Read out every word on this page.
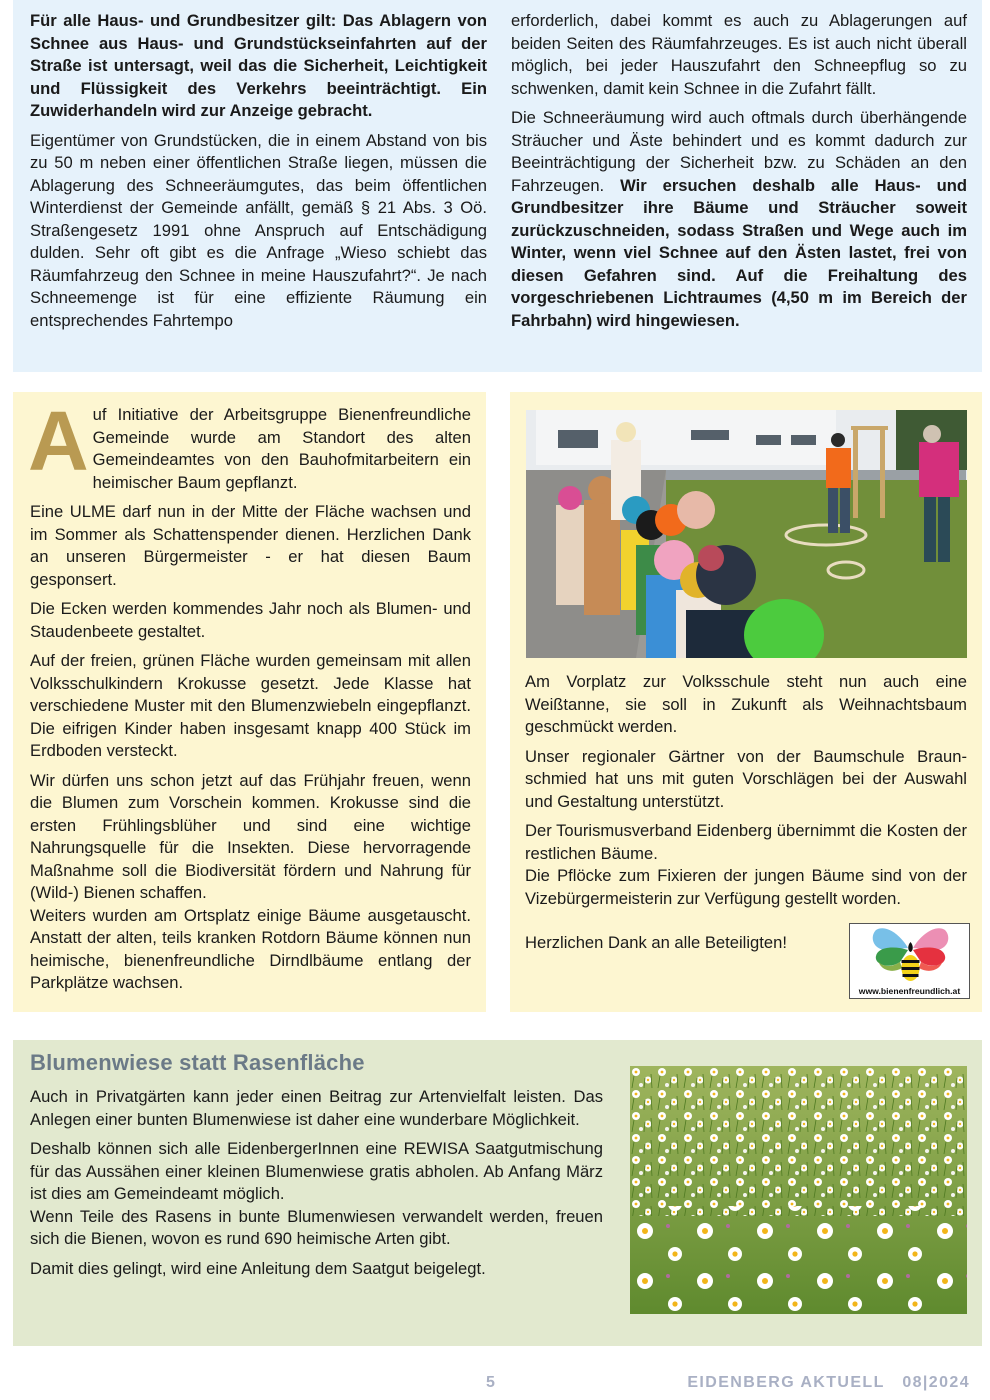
Für alle Haus- und Grundbesitzer gilt: Das Ablagern von Schnee aus Haus- und Grundstückseinfahrten auf der Straße ist untersagt, weil das die Sicherheit, Leichtigkeit und Flüssigkeit des Verkehrs beeinträchtigt. Ein Zuwiderhandeln wird zur Anzeige gebracht.

Eigentümer von Grundstücken, die in einem Abstand von bis zu 50 m neben einer öffentlichen Straße liegen, müssen die Ablagerung des Schneeräumgutes, das beim öffentlichen Winterdienst der Gemeinde anfällt, gemäß § 21 Abs. 3 Oö. Straßengesetz 1991 ohne Anspruch auf Entschädigung dulden. Sehr oft gibt es die Anfrage „Wieso schiebt das Räumfahrzeug den Schnee in meine Hauszufahrt?“. Je nach Schneemenge ist für eine effiziente Räumung ein entsprechendes Fahrtempo

erforderlich, dabei kommt es auch zu Ablagerungen auf beiden Seiten des Räumfahrzeuges. Es ist auch nicht überall möglich, bei jeder Hauszufahrt den Schneepflug so zu schwenken, damit kein Schnee in die Zufahrt fällt.

Die Schneeräumung wird auch oftmals durch überhängende Sträucher und Äste behindert und es kommt dadurch zur Beeinträchtigung der Sicherheit bzw. zu Schäden an den Fahrzeugen. Wir ersuchen deshalb alle Haus- und Grundbesitzer ihre Bäume und Sträucher soweit zurückzuschneiden, sodass Straßen und Wege auch im Winter, wenn viel Schnee auf den Ästen lastet, frei von diesen Gefahren sind. Auf die Freihaltung des vorgeschriebenen Lichtraumes (4,50 m im Bereich der Fahrbahn) wird hingewiesen.

Auf Initiative der Arbeitsgruppe Bienenfreundliche Gemeinde wurde am Standort des alten Gemeindeamtes von den Bauhofmitarbeitern ein heimischer Baum gepflanzt.

Eine ULME darf nun in der Mitte der Fläche wachsen und im Sommer als Schattenspender dienen. Herzlichen Dank an unseren Bürgermeister - er hat diesen Baum gesponsert.

Die Ecken werden kommendes Jahr noch als Blumen- und Staudenbeete gestaltet.

Auf der freien, grünen Fläche wurden gemeinsam mit allen Volksschulkindern Krokusse gesetzt. Jede Klasse hat verschiedene Muster mit den Blumenzwiebeln eingepflanzt. Die eifrigen Kinder haben insgesamt knapp 400 Stück im Erdboden versteckt.

Wir dürfen uns schon jetzt auf das Frühjahr freuen, wenn die Blumen zum Vorschein kommen. Krokusse sind die ersten Frühlingsblüher und sind eine wichtige Nahrungsquelle für die Insekten. Diese hervorragende Maßnahme soll die Biodiversität fördern und Nahrung für (Wild-) Bienen schaffen.

Weiters wurden am Ortsplatz einige Bäume ausgetauscht. Anstatt der alten, teils kranken Rotdorn Bäume können nun heimische, bienenfreundliche Dirndlbäume entlang der Parkplätze wachsen.

Am Vorplatz zur Volksschule steht nun auch eine Weißtanne, sie soll in Zukunft als Weihnachtsbaum geschmückt werden.

Unser regionaler Gärtner von der Baumschule Braunschmied hat uns mit guten Vorschlägen bei der Auswahl und Gestaltung unterstützt.

Der Tourismusverband Eidenberg übernimmt die Kosten der restlichen Bäume.

Die Pflöcke zum Fixieren der jungen Bäume sind von der Vizebürgermeisterin zur Verfügung gestellt worden.

Herzlichen Dank an alle Beteiligten!

www.bienenfreundlich.at
Blumenwiese statt Rasenfläche

Auch in Privatgärten kann jeder einen Beitrag zur Artenvielfalt leisten. Das Anlegen einer bunten Blumenwiese ist daher eine wunderbare Möglichkeit.

Deshalb können sich alle EidenbergerInnen eine REWISA Saatgutmischung für das Aussähen einer kleinen Blumenwiese gratis abholen. Ab Anfang März ist dies am Gemeindeamt möglich.

Wenn Teile des Rasens in bunte Blumenwiesen verwandelt werden, freuen sich die Bienen, wovon es rund 690 heimische Arten gibt.

Damit dies gelingt, wird eine Anleitung dem Saatgut beigelegt.

5	EIDENBERG AKTUELL 08|2024
